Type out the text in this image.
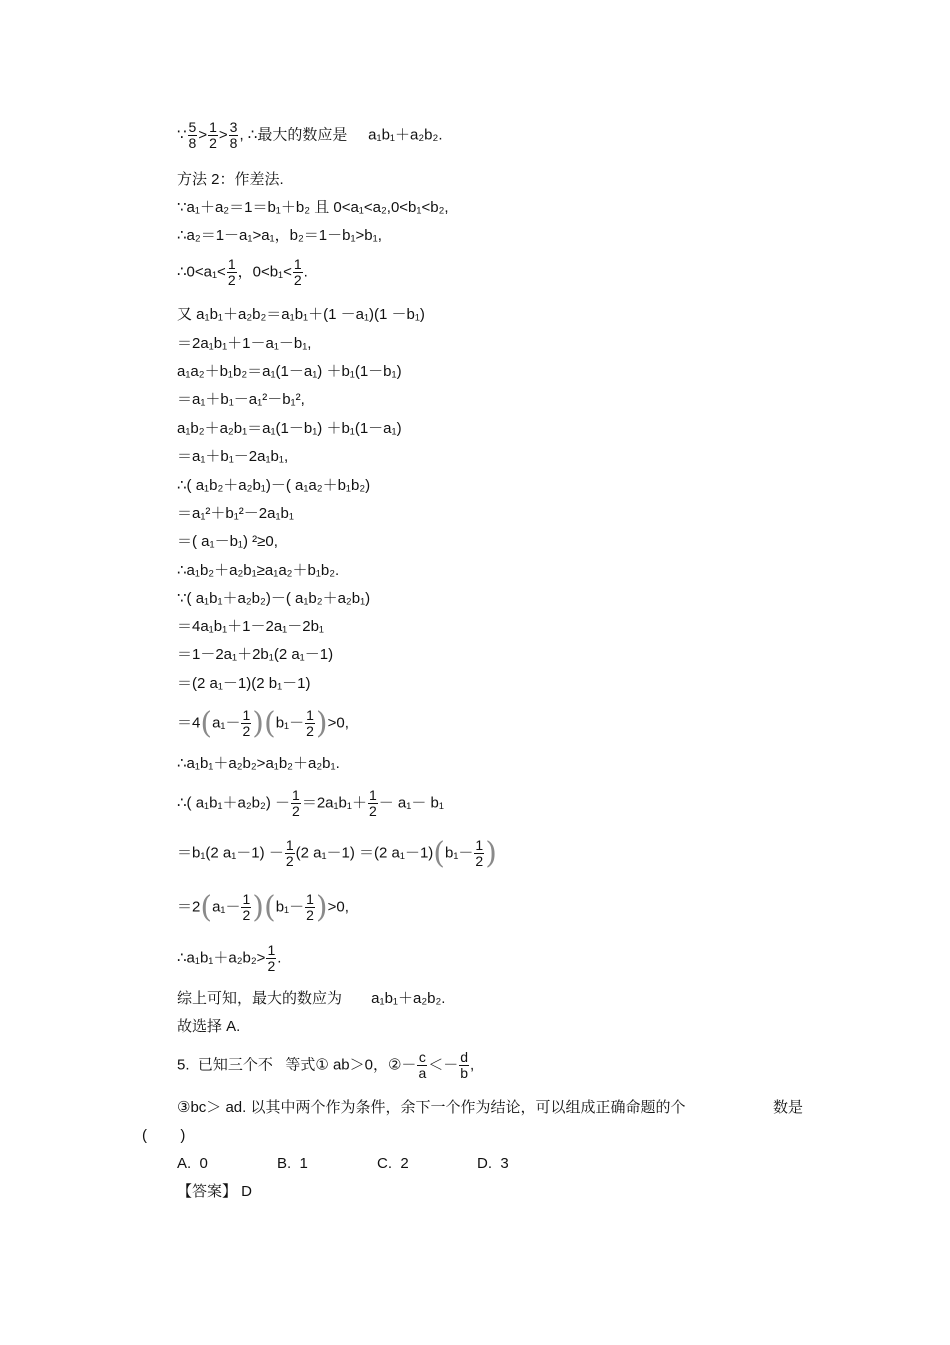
∵ $\frac{5}{8} > \frac{1}{2} > \frac{3}{8}$ , ∴最大的数应是     a₁b₁＋a₂b₂.
方法 2：作差法.
∵a₁＋a₂＝1＝b₁＋b₂ 且 0<a₁<a₂,0<b₁<b₂,
∴a₂＝1－a₁>a₁，b₂＝1－b₁>b₁,
∴0<a₁< $\frac{1}{2}$ ，$0<b_1< \frac{1}{2}$ .
又 a₁b₁＋a₂b₂＝a₁b₁＋(1 －a₁)(1 －b₁)
＝2a₁b₁＋1－a₁－b₁,
a₁a₂＋b₁b₂＝a₁(1－a₁) ＋b₁(1－b₁)
＝a₁＋b₁－a₁²－b₁²,
a₁b₂＋a₂b₁＝a₁(1－b₁) ＋b₁(1－a₁)
＝a₁＋b₁－2a₁b₁,
∴( a₁b₂＋a₂b₁)－( a₁a₂＋b₁b₂)
＝a₁²＋b₁²－2a₁b₁
＝( a₁－b₁) ²≥0,
∴a₁b₂＋a₂b₁≥a₁a₂＋b₁b₂.
∵( a₁b₁＋a₂b₂)－( a₁b₂＋a₂b₁)
＝4a₁b₁＋1－2a₁－2b₁
＝1－2a₁＋2b₁(2 a₁－1)
＝(2 a₁－1)(2 b₁－1)
$=4(a_1- \frac{1}{2} )(b_1- \frac{1}{2} )>0$,
∴a₁b₁＋a₂b₂>a₁b₂＋a₂b₁.
∴( $a_1b_1+a_2b_2) - \frac{1}{2} =2a_1b_1+ \frac{1}{2} - a_1- b_1$
＝b₁(2 $a_1-1) - \frac{1}{2} (2$ a₁－1) ＝(2 $a_1-1)(b_1- \frac{1}{2}$ )
$=2(a_1- \frac{1}{2} )(b_1- \frac{1}{2} )>0$,
∴a₁b₁＋a₂b₂> $\frac{1}{2}$ .
综上可知，最大的数应为       a₁b₁＋a₂b₂.
故选择 A.
5.  已知三个不   等式① ab＞0，②－ $\frac{c}{a} <- \frac{d}{b}$ ,
③bc＞ ad. 以其中两个作为条件，余下一个作为结论，可以组成正确命题的个                     数是
(        )
A.  0	B.  1	C.  2	D.  3
【答案】 D
